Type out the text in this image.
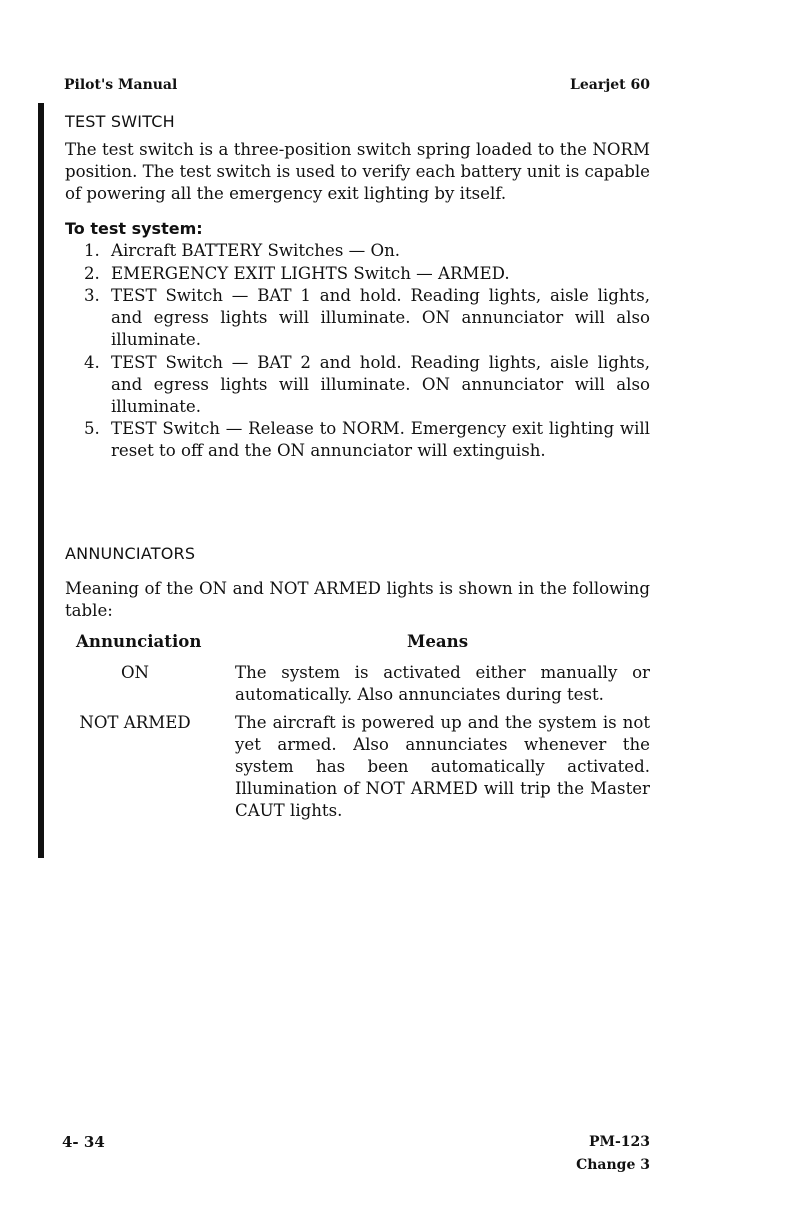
Pilot's Manual	Learjet 60
TEST SWITCH

The test switch is a three-position switch spring loaded to the NORM position. The test switch is used to verify each battery unit is capable of powering all the emergency exit lighting by itself.

To test system:
1. Aircraft BATTERY Switches — On.
2. EMERGENCY EXIT LIGHTS Switch — ARMED.
3. TEST Switch — BAT 1 and hold. Reading lights, aisle lights, and egress lights will illuminate. ON annunciator will also illuminate.
4. TEST Switch — BAT 2 and hold. Reading lights, aisle lights, and egress lights will illuminate. ON annunciator will also illuminate.
5. TEST Switch — Release to NORM. Emergency exit lighting will reset to off and the ON annunciator will extinguish.
ANNUNCIATORS

Meaning of the ON and NOT ARMED lights is shown in the following table:

Annunciation	Means
ON	The system is activated either manually or automatically. Also annunciates during test.
NOT ARMED	The aircraft is powered up and the system is not yet armed. Also annunciates whenever the system has been automatically activated. Illumination of NOT ARMED will trip the Master CAUT lights.
4- 34	PM-123
Change 3
